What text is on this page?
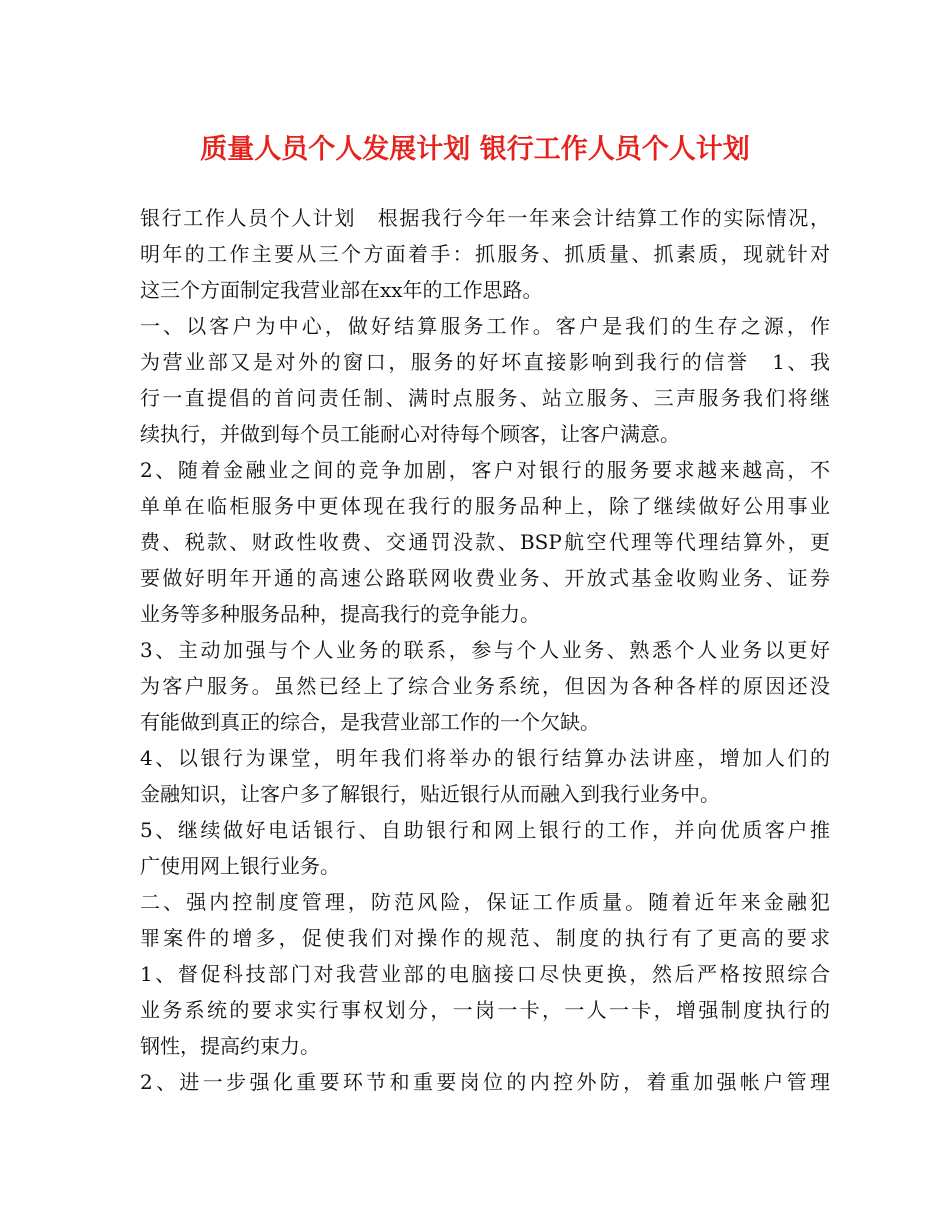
质量人员个人发展计划 银行工作人员个人计划
银行工作人员个人计划　根据我行今年一年来会计结算工作的实际情况，
明年的工作主要从三个方面着手：抓服务、抓质量、抓素质，现就针对
这三个方面制定我营业部在xx年的工作思路。
一、以客户为中心，做好结算服务工作。客户是我们的生存之源，作
为营业部又是对外的窗口，服务的好坏直接影响到我行的信誉　1、我
行一直提倡的首问责任制、满时点服务、站立服务、三声服务我们将继
续执行，并做到每个员工能耐心对待每个顾客，让客户满意。
2、随着金融业之间的竞争加剧，客户对银行的服务要求越来越高，不
单单在临柜服务中更体现在我行的服务品种上，除了继续做好公用事业
费、税款、财政性收费、交通罚没款、BSP航空代理等代理结算外，更
要做好明年开通的高速公路联网收费业务、开放式基金收购业务、证券
业务等多种服务品种，提高我行的竞争能力。
3、主动加强与个人业务的联系，参与个人业务、熟悉个人业务以更好
为客户服务。虽然已经上了综合业务系统，但因为各种各样的原因还没
有能做到真正的综合，是我营业部工作的一个欠缺。
4、以银行为课堂，明年我们将举办的银行结算办法讲座，增加人们的
金融知识，让客户多了解银行，贴近银行从而融入到我行业务中。
5、继续做好电话银行、自助银行和网上银行的工作，并向优质客户推
广使用网上银行业务。
二、强内控制度管理，防范风险，保证工作质量。随着近年来金融犯
罪案件的增多，促使我们对操作的规范、制度的执行有了更高的要求
1、督促科技部门对我营业部的电脑接口尽快更换，然后严格按照综合
业务系统的要求实行事权划分，一岗一卡，一人一卡，增强制度执行的
钢性，提高约束力。
2、进一步强化重要环节和重要岗位的内控外防，着重加强帐户管理
